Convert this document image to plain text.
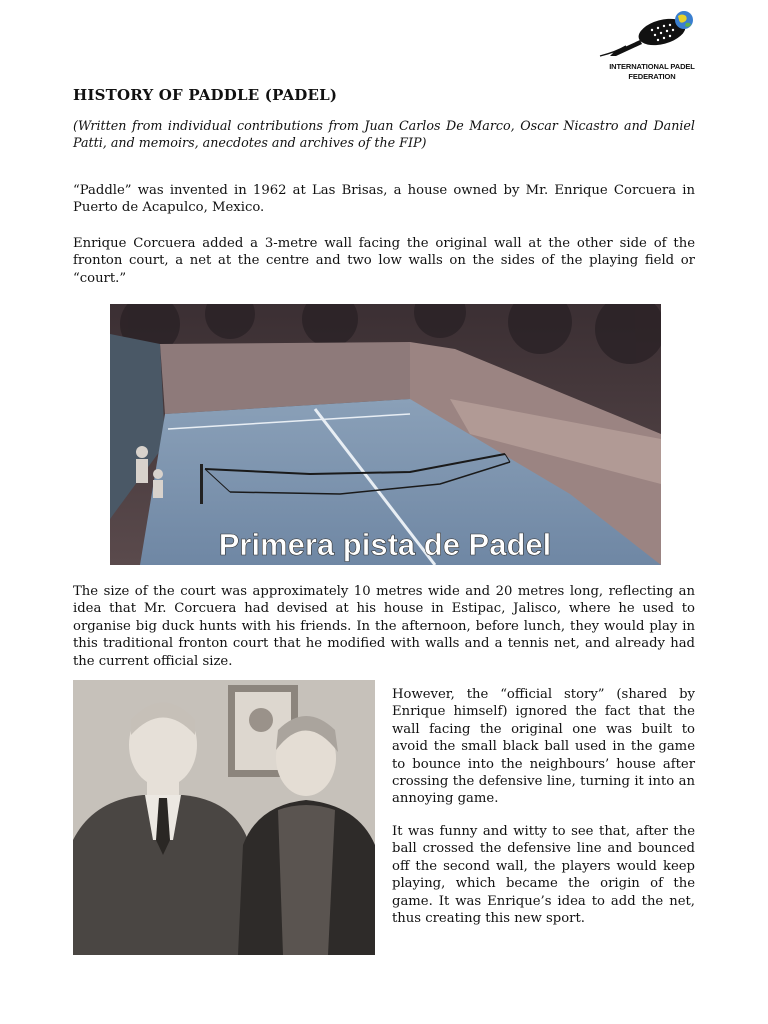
INTERNATIONAL PADEL
FEDERATION
HISTORY OF PADDLE (PADEL)

(Written from individual contributions from Juan Carlos De Marco, Oscar Nicastro and Daniel Patti, and memoirs, anecdotes and archives of the FIP)

“Paddle” was invented in 1962 at Las Brisas, a house owned by Mr. Enrique Corcuera in Puerto de Acapulco, Mexico.

Enrique Corcuera added a 3-metre wall facing the original wall at the other side of the fronton court, a net at the centre and two low walls on the sides of the playing field or “court.”

Primera pista de Padel

The size of the court was approximately 10 metres wide and 20 metres long, reflecting an idea that Mr. Corcuera had devised at his house in Estipac, Jalisco, where he used to organise big duck hunts with his friends. In the afternoon, before lunch, they would play in this traditional fronton court that he modified with walls and a tennis net, and already had the current official size.

However, the “official story” (shared by Enrique himself) ignored the fact that the wall facing the original one was built to avoid the small black ball used in the game to bounce into the neighbours’ house after crossing the defensive line, turning it into an annoying game.

It was funny and witty to see that, after the ball crossed the defensive line and bounced off the second wall, the players would keep playing, which became the origin of the game. It was Enrique’s idea to add the net, thus creating this new sport.
